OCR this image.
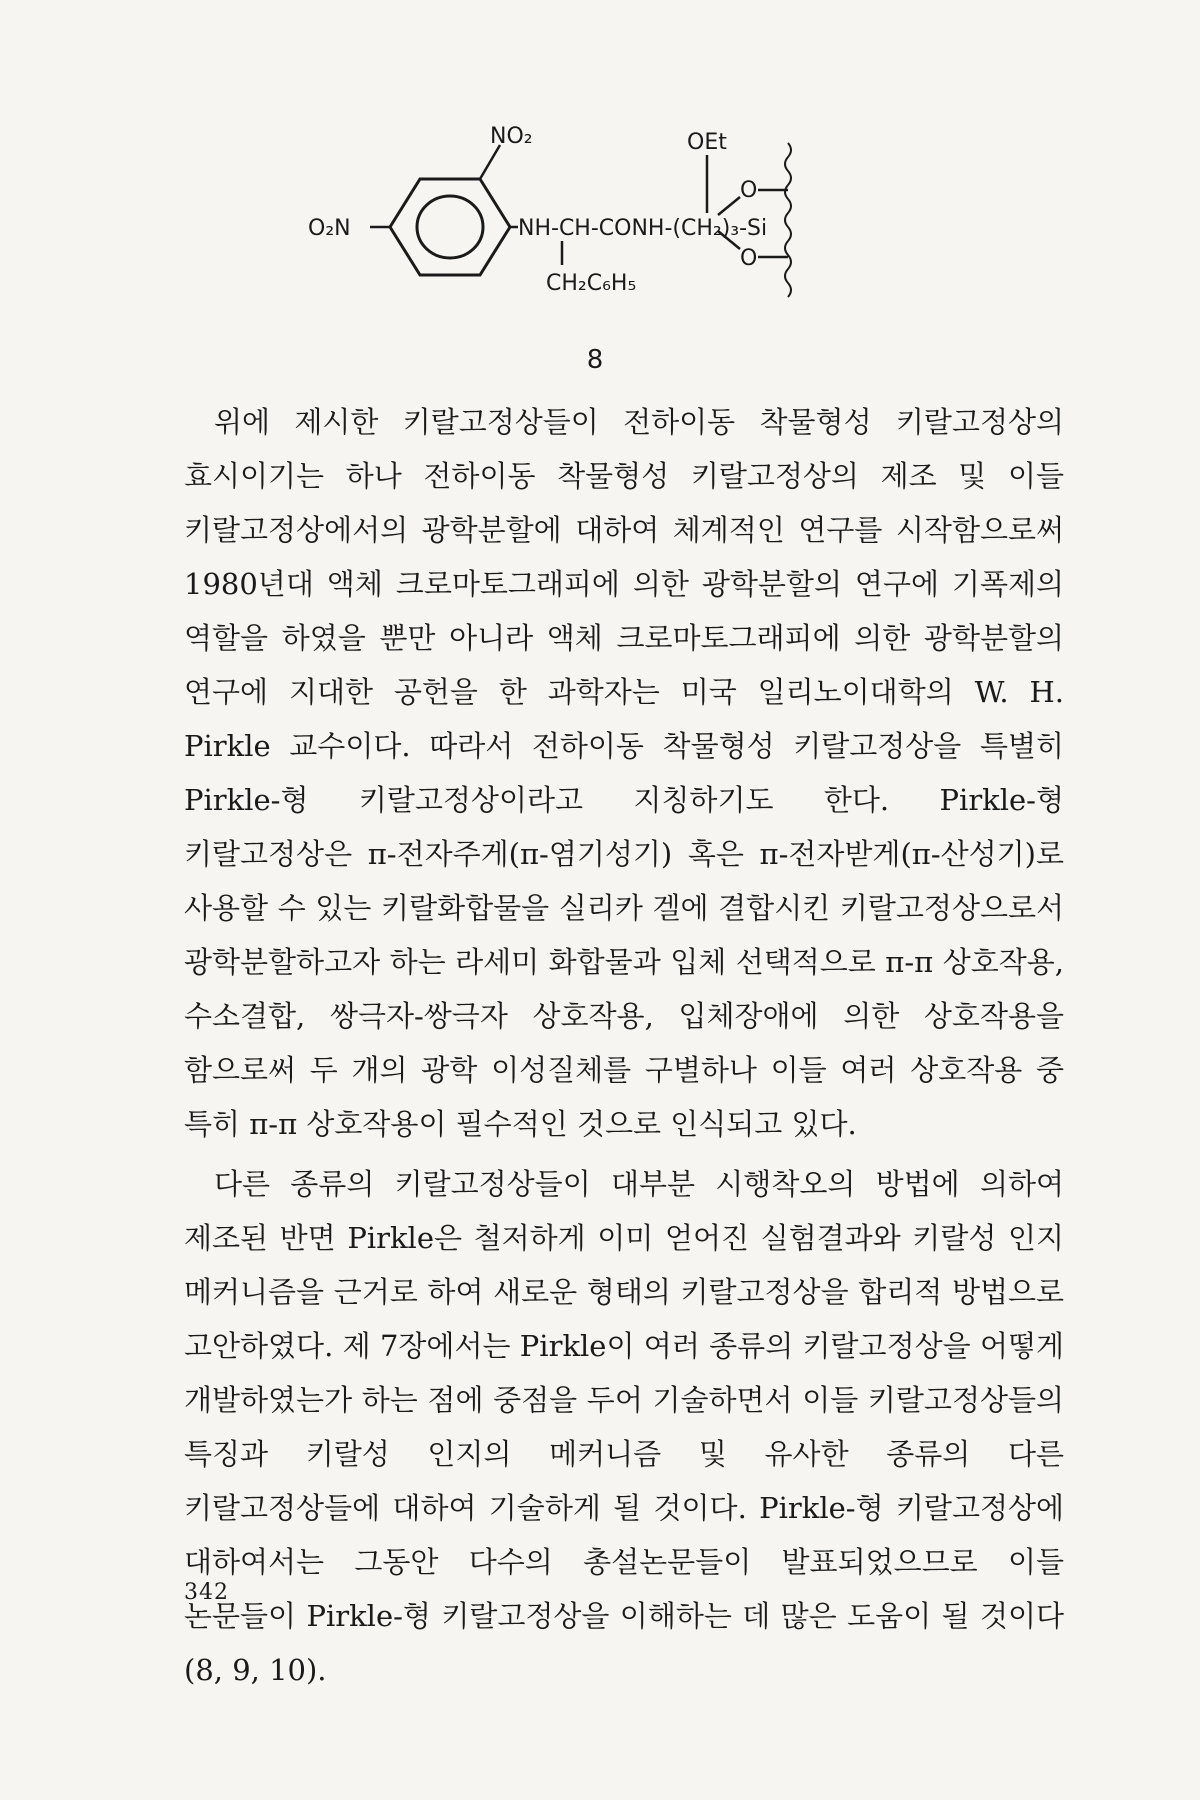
NO₂
O₂N	NH-CH-CONH-(CH₂)₃-Si
CH₂C₆H₅
OEt
O
O
8

위에 제시한 키랄고정상들이 전하이동 착물형성 키랄고정상의 효시이기는 하나 전하이동 착물형성 키랄고정상의 제조 및 이들 키랄고정상에서의 광학분할에 대하여 체계적인 연구를 시작함으로써 1980년대 액체 크로마토그래피에 의한 광학분할의 연구에 기폭제의 역할을 하였을 뿐만 아니라 액체 크로마토그래피에 의한 광학분할의 연구에 지대한 공헌을 한 과학자는 미국 일리노이대학의 W. H. Pirkle 교수이다. 따라서 전하이동 착물형성 키랄고정상을 특별히 Pirkle-형 키랄고정상이라고 지칭하기도 한다. Pirkle-형 키랄고정상은 π-전자주게(π-염기성기) 혹은 π-전자받게(π-산성기)로 사용할 수 있는 키랄화합물을 실리카 겔에 결합시킨 키랄고정상으로서 광학분할하고자 하는 라세미 화합물과 입체 선택적으로 π-π 상호작용, 수소결합, 쌍극자-쌍극자 상호작용, 입체장애에 의한 상호작용을 함으로써 두 개의 광학 이성질체를 구별하나 이들 여러 상호작용 중 특히 π-π 상호작용이 필수적인 것으로 인식되고 있다.

다른 종류의 키랄고정상들이 대부분 시행착오의 방법에 의하여 제조된 반면 Pirkle은 철저하게 이미 얻어진 실험결과와 키랄성 인지 메커니즘을 근거로 하여 새로운 형태의 키랄고정상을 합리적 방법으로 고안하였다. 제 7장에서는 Pirkle이 여러 종류의 키랄고정상을 어떻게 개발하였는가 하는 점에 중점을 두어 기술하면서 이들 키랄고정상들의 특징과 키랄성 인지의 메커니즘 및 유사한 종류의 다른 키랄고정상들에 대하여 기술하게 될 것이다. Pirkle-형 키랄고정상에 대하여서는 그동안 다수의 총설논문들이 발표되었으므로 이들 논문들이 Pirkle-형 키랄고정상을 이해하는 데 많은 도움이 될 것이다(8, 9, 10).

342
